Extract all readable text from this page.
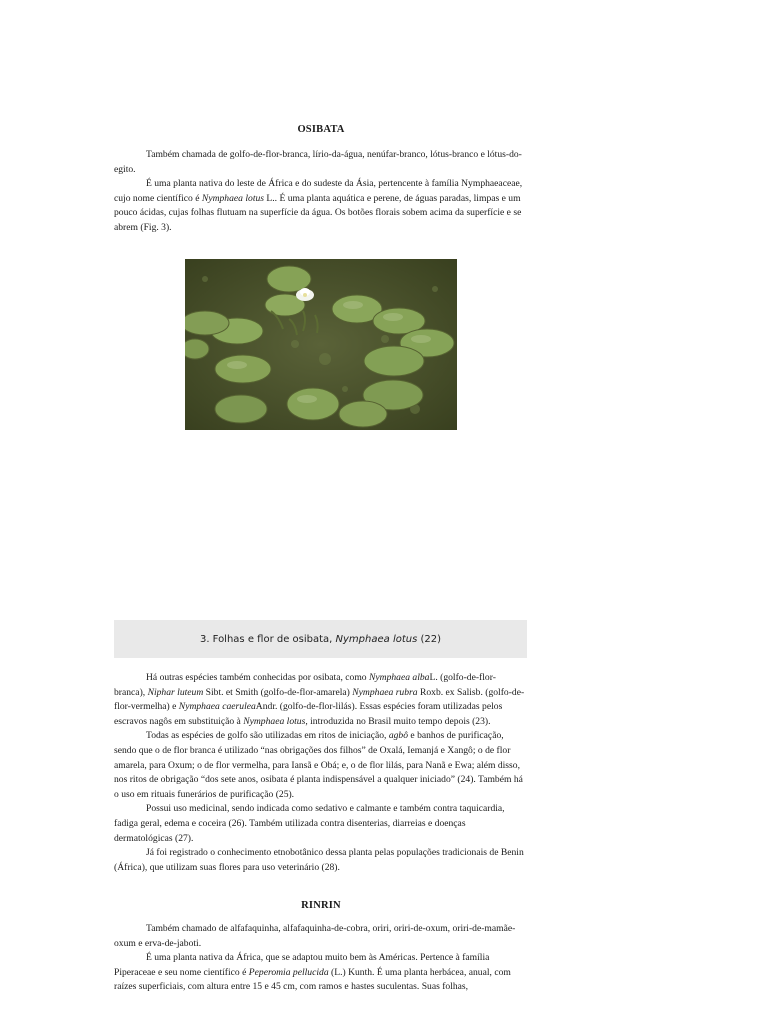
OSIBATA

Também chamada de golfo-de-flor-branca, lírio-da-água, nenúfar-branco, lótus-branco e lótus-do-egito.

É uma planta nativa do leste de África e do sudeste da Ásia, pertencente à família Nymphaeaceae, cujo nome científico é Nymphaea lotus L.. É uma planta aquática e perene, de águas paradas, limpas e um pouco ácidas, cujas folhas flutuam na superfície da água. Os botões florais sobem acima da superfície e se abrem (Fig. 3).

3. Folhas e flor de osibata, Nymphaea lotus (22)

Há outras espécies também conhecidas por osibata, como Nymphaea albaL. (golfo-de-flor-branca), Niphar luteum Sibt. et Smith (golfo-de-flor-amarela) Nymphaea rubra Roxb. ex Salisb. (golfo-de-flor-vermelha) e Nymphaea caeruleaAndr. (golfo-de-flor-lilás). Essas espécies foram utilizadas pelos escravos nagôs em substituição à Nymphaea lotus, introduzida no Brasil muito tempo depois (23).

Todas as espécies de golfo são utilizadas em ritos de iniciação, agbô e banhos de purificação, sendo que o de flor branca é utilizado “nas obrigações dos filhos” de Oxalá, Iemanjá e Xangô; o de flor amarela, para Oxum; o de flor vermelha, para Iansã e Obá; e, o de flor lilás, para Nanã e Ewa; além disso, nos ritos de obrigação “dos sete anos, osibata é planta indispensável a qualquer iniciado” (24). Também há o uso em rituais funerários de purificação (25).

Possui uso medicinal, sendo indicada como sedativo e calmante e também contra taquicardia, fadiga geral, edema e coceira (26). Também utilizada contra disenterias, diarreias e doenças dermatológicas (27).

Já foi registrado o conhecimento etnobotânico dessa planta pelas populações tradicionais de Benin (África), que utilizam suas flores para uso veterinário (28).

RINRIN

Também chamado de alfafaquinha, alfafaquinha-de-cobra, oriri, oriri-de-oxum, oriri-de-mamãe-oxum e erva-de-jaboti.

É uma planta nativa da África, que se adaptou muito bem às Américas. Pertence à família Piperaceae e seu nome científico é Peperomia pellucida (L.) Kunth. É uma planta herbácea, anual, com raízes superficiais, com altura entre 15 e 45 cm, com ramos e hastes suculentas. Suas folhas,
